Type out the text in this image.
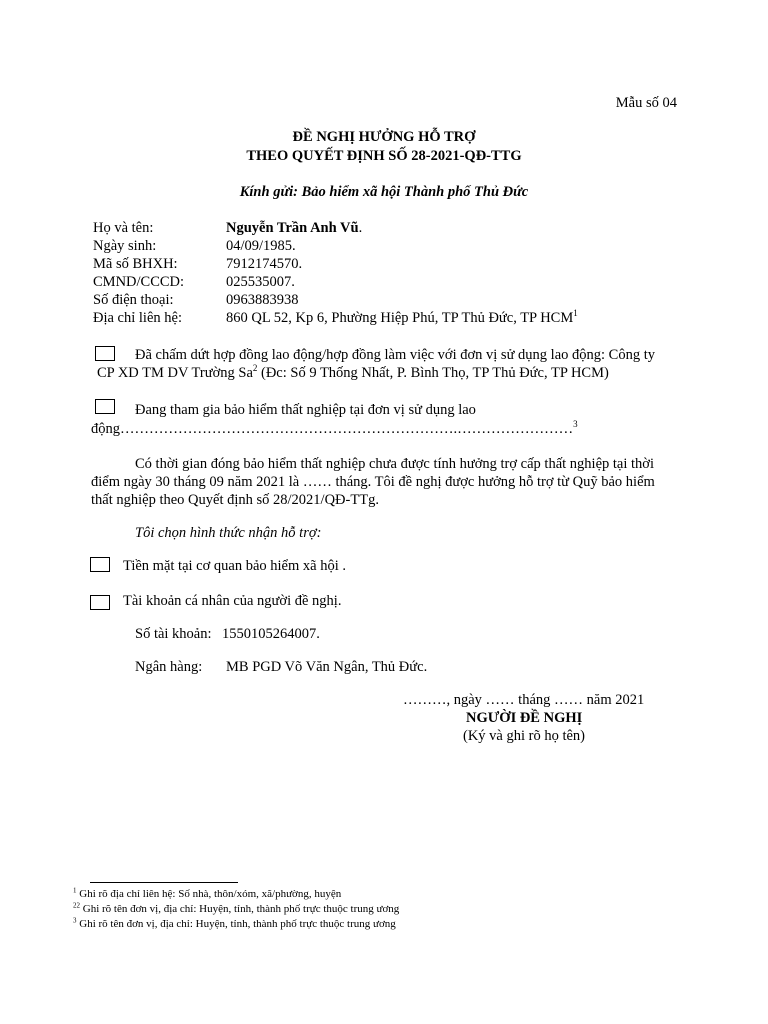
Mẫu số 04
ĐỀ NGHỊ HƯỞNG HỖ TRỢ
THEO QUYẾT ĐỊNH SỐ 28-2021-QĐ-TTG
Kính gửi: Bảo hiểm xã hội Thành phố Thủ Đức
Họ và tên:	Nguyễn Trần Anh Vũ.
Ngày sinh:	04/09/1985.
Mã số BHXH:	7912174570.
CMND/CCCD:	025535007.
Số điện thoại:	0963883938
Địa chỉ liên hệ:	860 QL 52, Kp 6, Phường Hiệp Phú, TP Thủ Đức, TP HCM$^1$
Đã chấm dứt hợp đồng lao động/hợp đồng làm việc với đơn vị sử dụng lao động: Công ty
CP XD TM DV Trường Sa$^2$ (Đc: Số 9 Thống Nhất, P. Bình Thọ, TP Thủ Đức, TP HCM)
Đang tham gia bảo hiểm thất nghiệp tại đơn vị sử dụng lao
động…………………………………………………………….……………………$^3$
Có thời gian đóng bảo hiểm thất nghiệp chưa được tính hưởng trợ cấp thất nghiệp tại thời
điểm ngày 30 tháng 09 năm 2021 là …… tháng. Tôi đề nghị được hưởng hỗ trợ từ Quỹ bảo hiểm
thất nghiệp theo Quyết định số 28/2021/QĐ-TTg.
Tôi chọn hình thức nhận hỗ trợ:
Tiền mặt tại cơ quan bảo hiểm xã hội .
Tài khoản cá nhân của người đề nghị.
Số tài khoản: 1550105264007.
Ngân hàng: MB PGD Võ Văn Ngân, Thủ Đức.
………, ngày …… tháng …… năm 2021
NGƯỜI ĐỀ NGHỊ
(Ký và ghi rõ họ tên)
$^1$ Ghi rõ địa chỉ liên hệ: Số nhà, thôn/xóm, xã/phường, huyện
$^{22}$ Ghi rõ tên đơn vị, địa chỉ: Huyện, tỉnh, thành phố trực thuộc trung ương
$^3$ Ghi rõ tên đơn vị, địa chỉ: Huyện, tỉnh, thành phố trực thuộc trung ương
